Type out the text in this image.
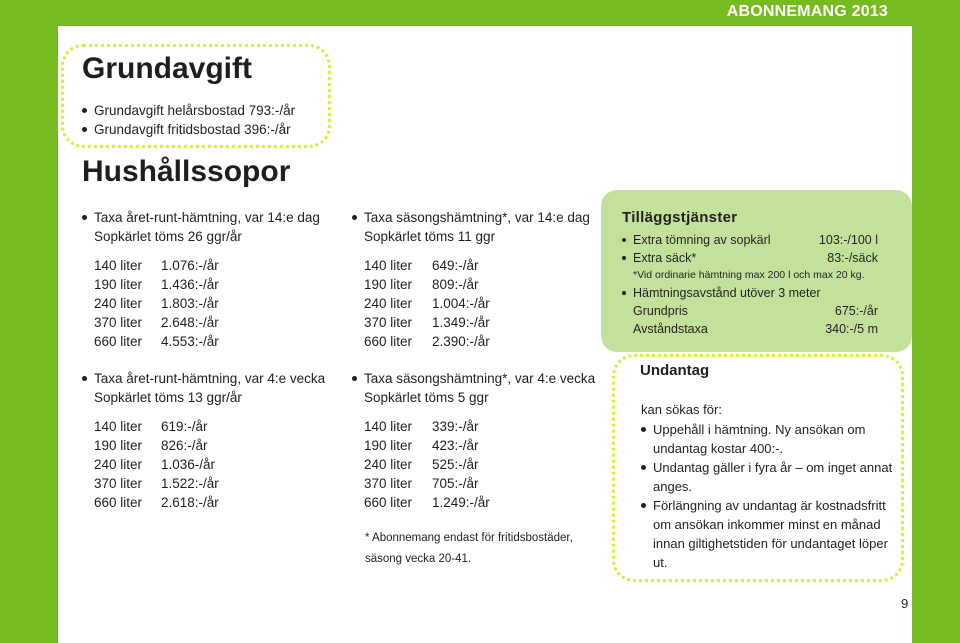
ABONNEMANG 2013
Grundavgift
Grundavgift helårsbostad 793:-/år
Grundavgift fritidsbostad 396:-/år
Hushållssopor
Taxa året-runt-hämtning, var 14:e dag
Sopkärlet töms 26 ggr/år
140 liter 1.076:-/år
190 liter 1.436:-/år
240 liter 1.803:-/år
370 liter 2.648:-/år
660 liter 4.553:-/år
Taxa året-runt-hämtning, var 4:e vecka
Sopkärlet töms 13 ggr/år
140 liter 619:-/år
190 liter 826:-/år
240 liter 1.036-/år
370 liter 1.522:-/år
660 liter 2.618:-/år
Taxa säsongshämtning*, var 14:e dag
Sopkärlet töms 11 ggr
140 liter 649:-/år
190 liter 809:-/år
240 liter 1.004:-/år
370 liter 1.349:-/år
660 liter 2.390:-/år
Taxa säsongshämtning*, var 4:e vecka
Sopkärlet töms 5 ggr
140 liter 339:-/år
190 liter 423:-/år
240 liter 525:-/år
370 liter 705:-/år
660 liter 1.249:-/år
* Abonnemang endast för fritidsbostäder,
säsong vecka 20-41.
Tilläggstjänster
Extra tömning av sopkärl	103:-/100 l
Extra säck*	83:-/säck
*Vid ordinarie hämtning max 200 l och max 20 kg.
Hämtningsavstånd utöver 3 meter
Grundpris	675:-/år
Avståndstaxa	340:-/5 m
Undantag
kan sökas för:
Uppehåll i hämtning. Ny ansökan om undantag kostar 400:-.
Undantag gäller i fyra år – om inget annat anges.
Förlängning av undantag är kostnadsfritt om ansökan inkommer minst en månad innan giltighetstiden för undantaget löper ut.
9
